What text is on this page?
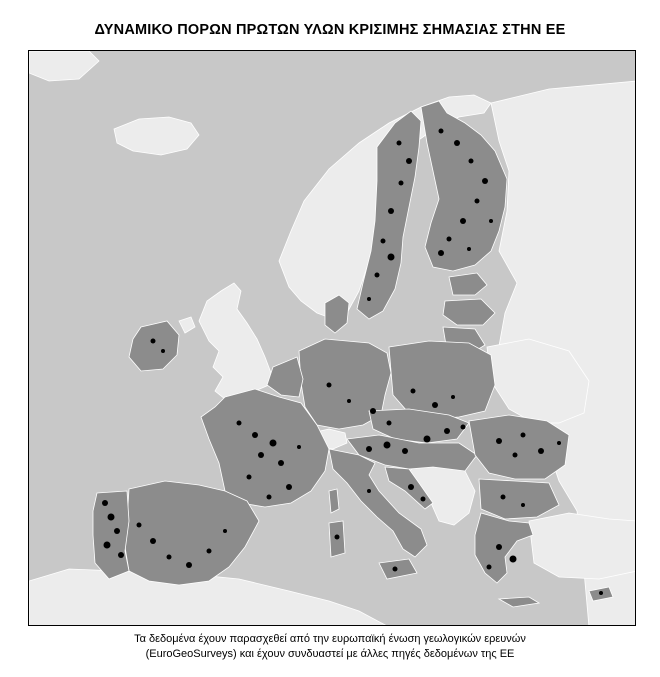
ΔΥΝΑΜΙΚΟ ΠΟΡΩΝ ΠΡΩΤΩΝ ΥΛΩΝ ΚΡΙΣΙΜΗΣ ΣΗΜΑΣΙΑΣ ΣΤΗΝ ΕΕ
Τα δεδομένα έχουν παρασχεθεί από την ευρωπαϊκή ένωση γεωλογικών ερευνών
(EuroGeoSurveys) και έχουν συνδυαστεί με άλλες πηγές δεδομένων της ΕΕ
